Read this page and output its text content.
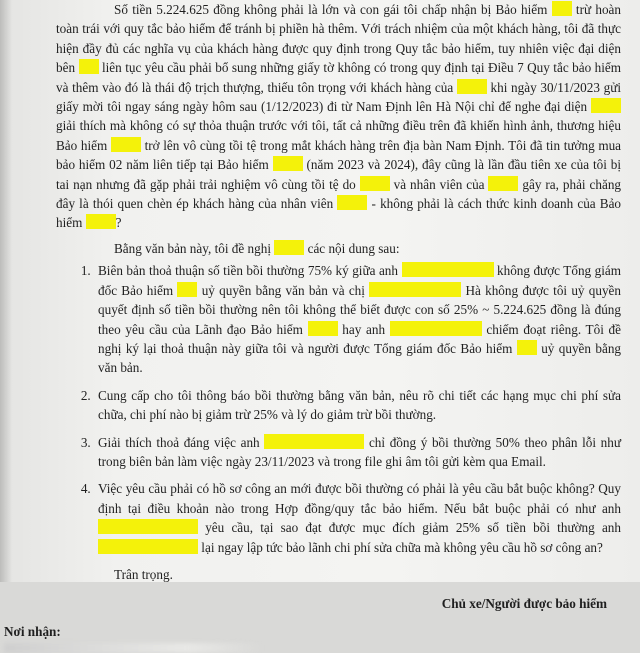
Số tiền 5.224.625 đồng không phải là lớn và con gái tôi chấp nhận bị Bảo hiểm trừ hoàn toàn trái với quy tắc bảo hiểm để tránh bị phiền hà thêm. Với trách nhiệm của một khách hàng, tôi đã thực hiện đầy đủ các nghĩa vụ của khách hàng được quy định trong Quy tắc bảo hiểm, tuy nhiên việc đại diện bên liên tục yêu cầu phải bổ sung những giấy tờ không có trong quy định tại Điều 7 Quy tắc bảo hiểm và thêm vào đó là thái độ trịch thượng, thiếu tôn trọng với khách hàng của	khi ngày 30/11/2023 gửi giấy mời tôi ngay sáng ngày hôm sau (1/12/2023) đi từ Nam Định lên Hà Nội chỉ để nghe đại diện  giải thích mà không có sự thỏa thuận trước với tôi, tất cả những điều trên đã khiến hình ảnh, thương hiệu Bảo hiểm	trở lên vô cùng tồi tệ trong mắt khách hàng trên địa bàn Nam Định. Tôi đã tin tưởng mua bảo hiểm 02 năm liên tiếp tại Bảo hiểm	(năm 2023 và 2024), đây cũng là lần đầu tiên xe của tôi bị tai nạn nhưng đã gặp phải trải nghiệm vô cùng tồi tệ do	và nhân viên của	gây ra, phải chăng đây là thói quen chèn ép khách hàng của nhân viên	- không phải là cách thức kinh doanh của Bảo hiểm	?

Bằng văn bản này, tôi đề nghị	các nội dung sau:

1. Biên bản thoả thuận số tiền bồi thường 75% ký giữa anh	không được Tổng giám đốc Bảo hiểm uỷ quyền bằng văn bản và chị	Hà không được tôi uỷ quyền quyết định số tiền bồi thường nên tôi không thể biết được con số 25% ~ 5.224.625 đồng là đúng theo yêu cầu của Lãnh đạo Bảo hiểm	hay anh	chiếm đoạt riêng. Tôi đề nghị ký lại thoả thuận này giữa tôi và người được Tổng giám đốc Bảo hiểm uỷ quyền bằng văn bản.
2. Cung cấp cho tôi thông báo bồi thường bằng văn bản, nêu rõ chi tiết các hạng mục chi phí sửa chữa, chi phí nào bị giảm trừ 25% và lý do giảm trừ bồi thường.
3. Giải thích thoả đáng việc anh	chỉ đồng ý bồi thường 50% theo phân lỗi như trong biên bản làm việc ngày 23/11/2023 và trong file ghi âm tôi gửi kèm qua Email.
4. Việc yêu cầu phải có hồ sơ công an mới được bồi thường có phải là yêu cầu bắt buộc không? Quy định tại điều khoản nào trong Hợp đồng/quy tắc bảo hiểm. Nếu bắt buộc phải có như anh  yêu cầu, tại sao đạt được mục đích giảm 25% số tiền bồi thường anh  lại ngay lập tức bảo lãnh chi phí sửa chữa mà không yêu cầu hồ sơ công an?

Trân trọng.

Chủ xe/Người được bảo hiểm

Nơi nhận:
